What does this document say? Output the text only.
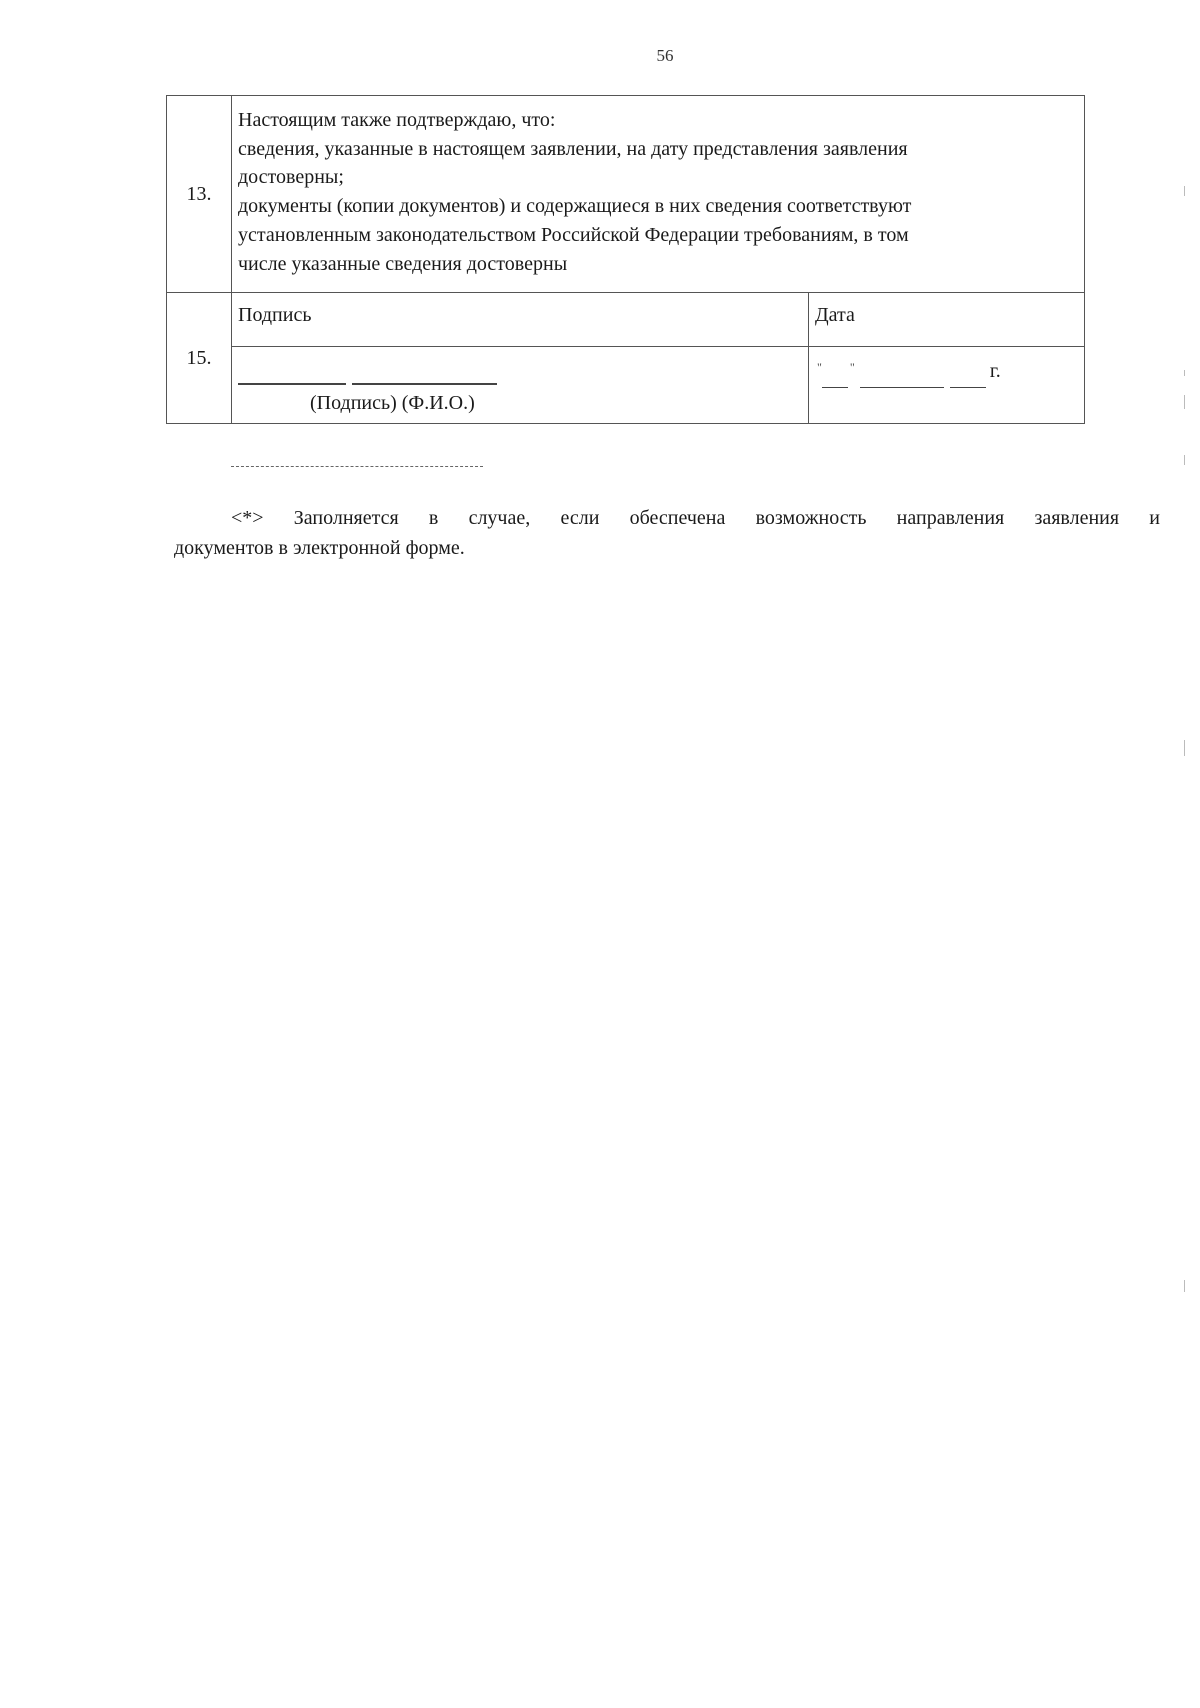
56
13.	
Настоящим также подтверждаю, что:
сведения, указанные в настоящем заявлении, на дату представления заявления
достоверны;
документы (копии документов) и содержащиеся в них сведения соответствуют
установленным законодательством Российской Федерации требованиям, в том
числе указанные сведения достоверны

15.	Подпись	Дата

	(Подпись) (Ф.И.О.)	" " г.
<*> Заполняется в случае, если обеспечена возможность направления заявления и
документов в электронной форме.
